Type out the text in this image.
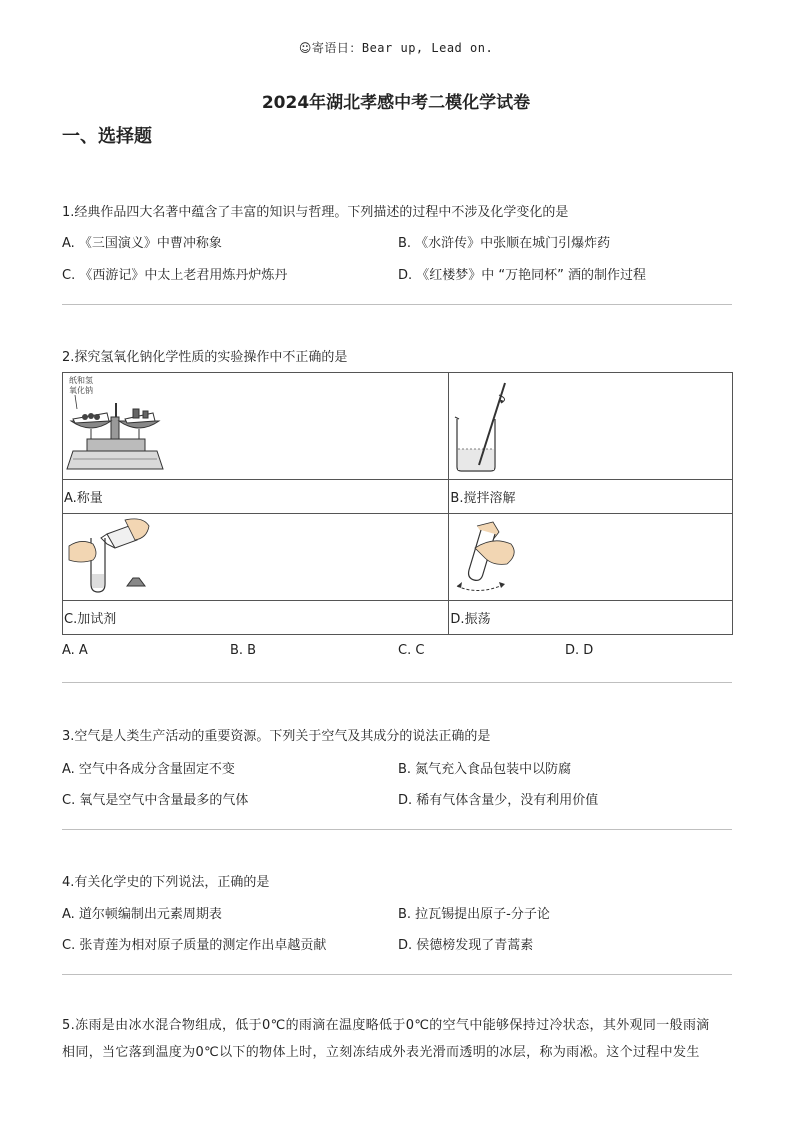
☺寄语日：Bear up, Lead on.
2024年湖北孝感中考二模化学试卷
一、选择题
1.经典作品四大名著中蕴含了丰富的知识与哲理。下列描述的过程中不涉及化学变化的是
A. 《三国演义》中曹冲称象	B. 《水浒传》中张顺在城门引爆炸药
C. 《西游记》中太上老君用炼丹炉炼丹	D. 《红楼梦》中 “万艳同杯” 酒的制作过程
2.探究氢氧化钠化学性质的实验操作中不正确的是
纸和氢
氧化钠

A.称量	B.搅拌溶解

C.加试剂	D.振荡
A. A	B. B	C. C	D. D
3.空气是人类生产活动的重要资源。下列关于空气及其成分的说法正确的是
A. 空气中各成分含量固定不变	B. 氮气充入食品包装中以防腐
C. 氧气是空气中含量最多的气体	D. 稀有气体含量少，没有利用价值
4.有关化学史的下列说法，正确的是
A. 道尔顿编制出元素周期表	B. 拉瓦锡提出原子-分子论
C. 张青莲为相对原子质量的测定作出卓越贡献	D. 侯德榜发现了青蒿素
5.冻雨是由冰水混合物组成，低于0℃的雨滴在温度略低于0℃的空气中能够保持过冷状态，其外观同一般雨滴
相同，当它落到温度为0℃以下的物体上时，立刻冻结成外表光滑而透明的冰层，称为雨凇。这个过程中发生
